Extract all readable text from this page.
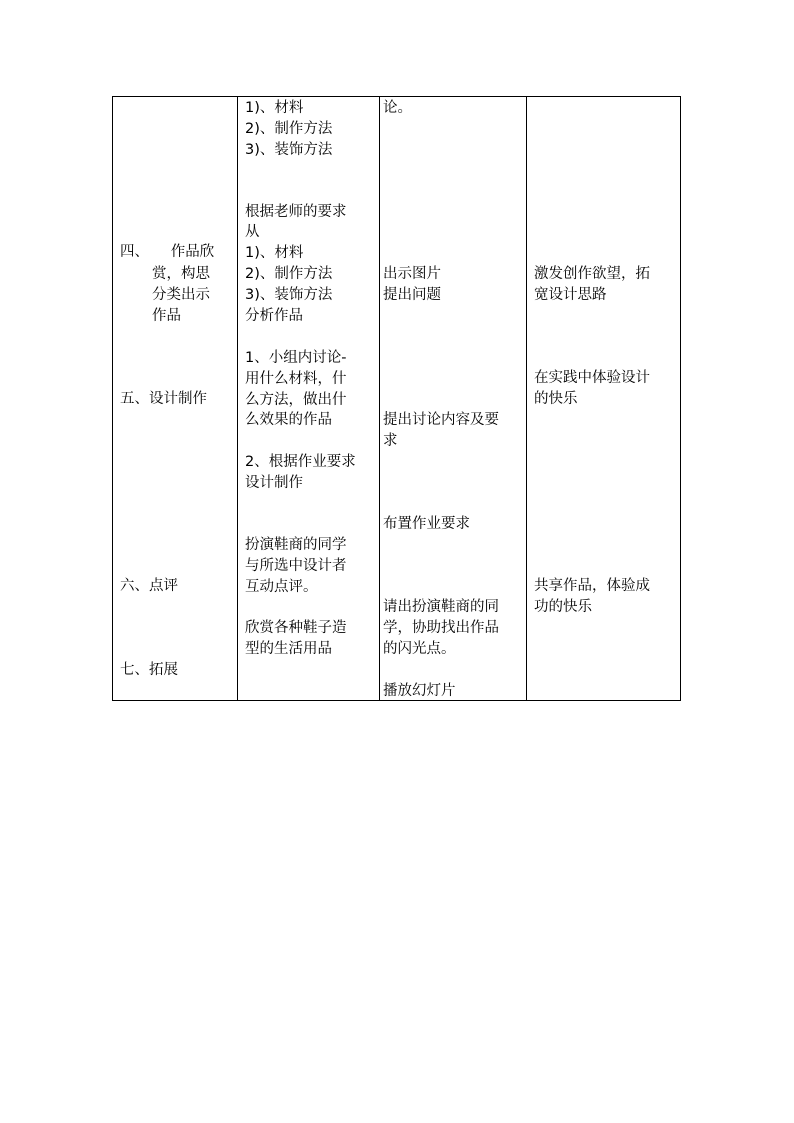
四、　　作品欣
赏，构思
分类出示
作品
五、设计制作
六、点评
七、拓展
1)、材料
2)、制作方法
3)、装饰方法
根据老师的要求
从
1)、材料
2)、制作方法
3)、装饰方法
分析作品
1、小组内讨论-
用什么材料，什
么方法，做出什
么效果的作品
2、根据作业要求
设计制作
扮演鞋商的同学
与所选中设计者
互动点评。
欣赏各种鞋子造
型的生活用品
论。
出示图片
提出问题
提出讨论内容及要
求
布置作业要求
请出扮演鞋商的同
学，协助找出作品
的闪光点。
播放幻灯片
激发创作欲望，拓
宽设计思路
在实践中体验设计
的快乐
共享作品，体验成
功的快乐
